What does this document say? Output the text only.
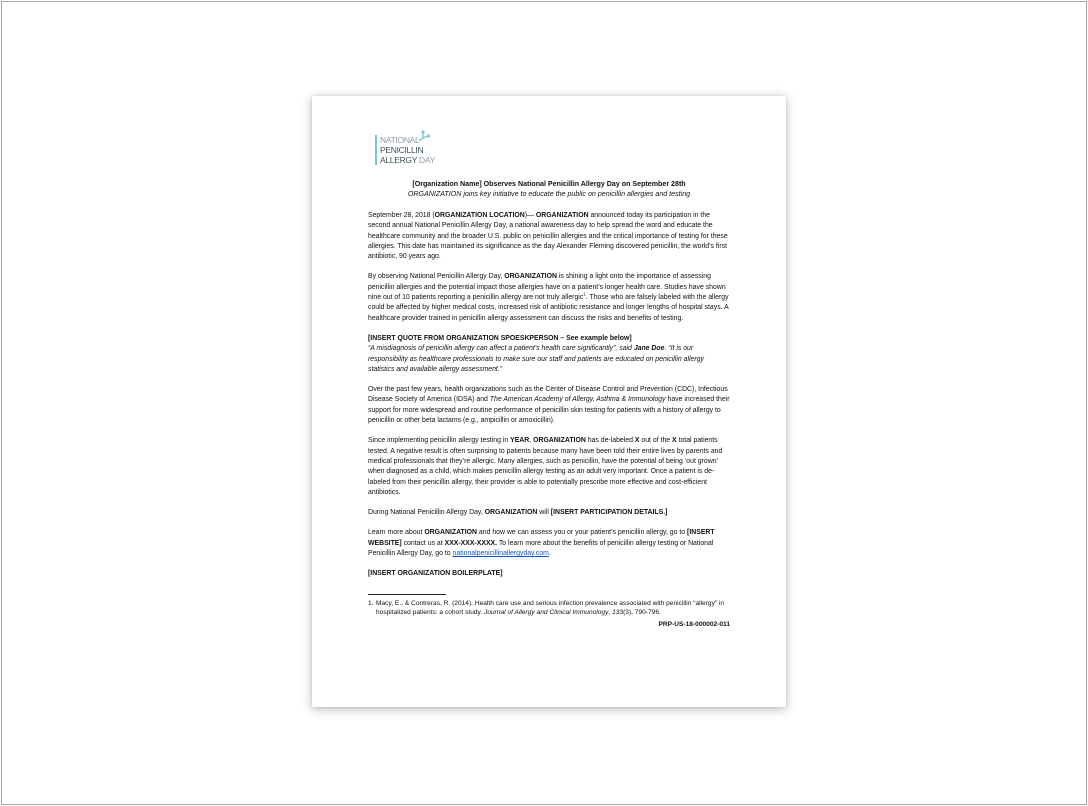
NATIONAL
PENICILLIN
ALLERGY DAY
[Organization Name] Observes National Penicillin Allergy Day on September 28th
ORGANIZATION joins key initiative to educate the public on penicillin allergies and testing

September 28, 2018 (ORGANIZATION LOCATION)— ORGANIZATION announced today its participation in the second annual National Penicillin Allergy Day, a national awareness day to help spread the word and educate the healthcare community and the broader U.S. public on penicillin allergies and the critical importance of testing for these allergies. This date has maintained its significance as the day Alexander Fleming discovered penicillin, the world’s first antibiotic, 90 years ago.

By observing National Penicillin Allergy Day, ORGANIZATION is shining a light onto the importance of assessing penicillin allergies and the potential impact those allergies have on a patient’s longer health care. Studies have shown nine out of 10 patients reporting a penicillin allergy are not truly allergic$^1$. Those who are falsely labeled with the allergy could be affected by higher medical costs, increased risk of antibiotic resistance and longer lengths of hospital stays. A healthcare provider trained in penicillin allergy assessment can discuss the risks and benefits of testing.

[INSERT QUOTE FROM ORGANIZATION SPOESKPERSON – See example below]

“A misdiagnosis of penicillin allergy can affect a patient’s health care significantly”, said Jane Doe. “It is our responsibility as healthcare professionals to make sure our staff and patients are educated on penicillin allergy statistics and available allergy assessment.”

Over the past few years, health organizations such as the Center of Disease Control and Prevention (CDC), Infectious Disease Society of America (IDSA) and The American Academy of Allergy, Asthma & Immunology have increased their support for more widespread and routine performance of penicillin skin testing for patients with a history of allergy to penicillin or other beta lactams (e.g., ampicillin or amoxicillin).

Since implementing penicillin allergy testing in YEAR, ORGANIZATION has de-labeled X out of the X total patients tested. A negative result is often surprising to patients because many have been told their entire lives by parents and medical professionals that they’re allergic. Many allergies, such as penicillin, have the potential of being ‘out grown’ when diagnosed as a child, which makes penicillin allergy testing as an adult very important. Once a patient is de-labeled from their penicillin allergy, their provider is able to potentially prescribe more effective and cost-efficient antibiotics.

During National Penicillin Allergy Day, ORGANIZATION will [INSERT PARTICIPATION DETAILS.]

Learn more about ORGANIZATION and how we can assess you or your patient’s penicillin allergy, go to [INSERT WEBSITE] contact us at XXX-XXX-XXXX. To learn more about the benefits of penicillin allergy testing or National Penicillin Allergy Day, go to nationalpenicillinallergyday.com.

[INSERT ORGANIZATION BOILERPLATE]

1. Macy, E., & Contreras, R. (2014). Health care use and serious infection prevalence associated with penicillin “allergy” in hospitalized patients: a cohort study. Journal of Allergy and Clinical Immunology, 133(3), 790-796.
PRP-US-18-000002-011
